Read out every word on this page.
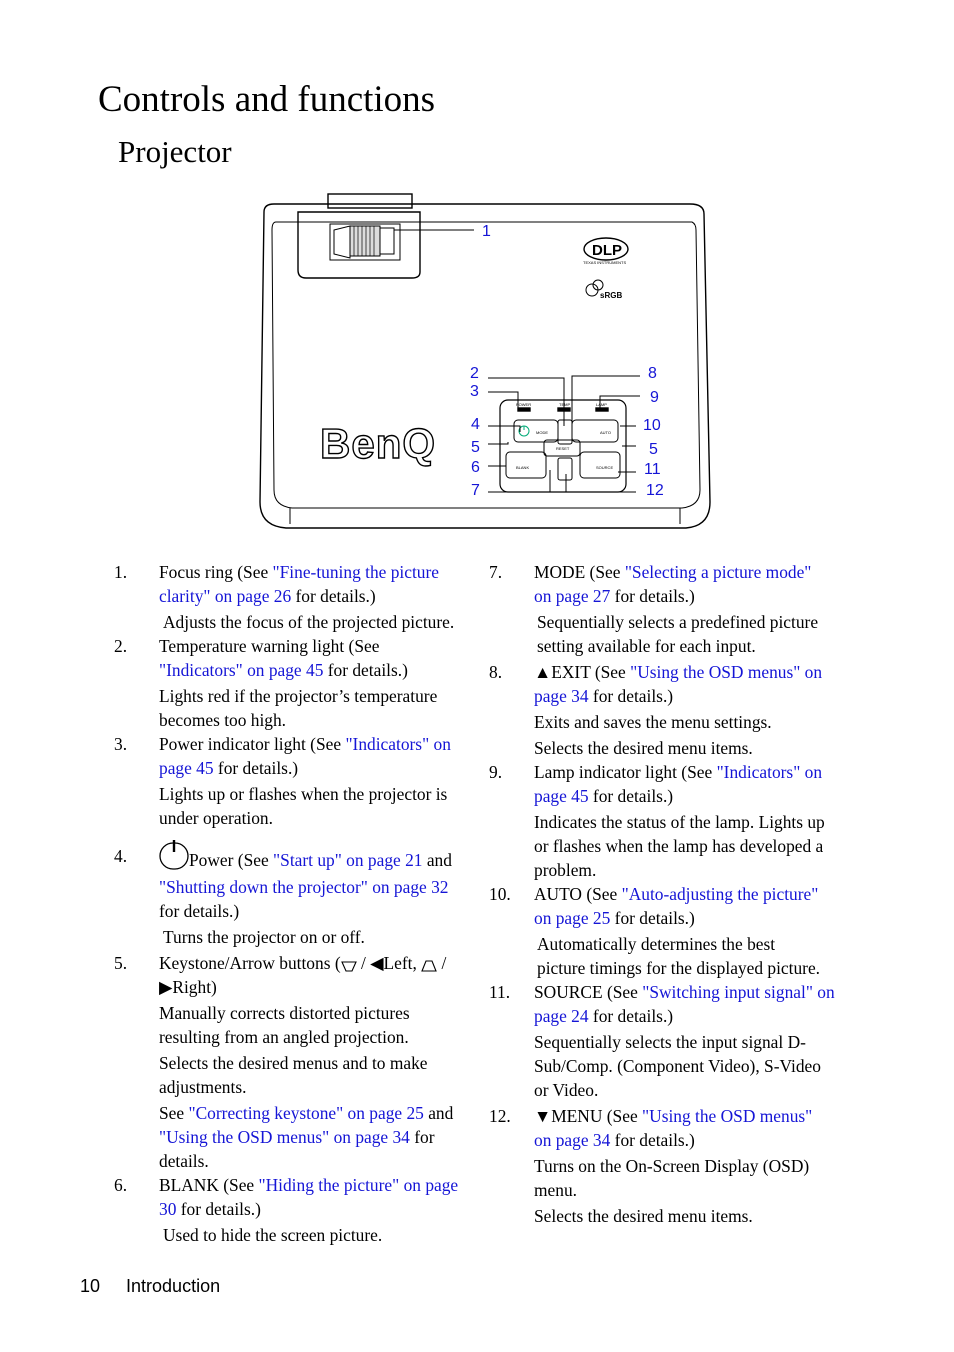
Controls and functions
Projector
BenQ
DLP
TEXAS INSTRUMENTS
sRGB
POWER	TEMP	LAMP
MODE	AUTO
RESET
BLANK	SOURCE
1
2
3
4
5
6
7
8
9
10
5
11
12
1. Focus ring (See "Fine-tuning the picture
clarity" on page 26 for details.)
Adjusts the focus of the projected picture.
2. Temperature warning light (See
"Indicators" on page 45 for details.)
Lights red if the projector’s temperature
becomes too high.
3. Power indicator light (See "Indicators" on
page 45 for details.)
Lights up or flashes when the projector is
under operation.
4.	Power (See "Start up" on page 21 and
"Shutting down the projector" on page 32
for details.)
Turns the projector on or off.
5. Keystone/Arrow buttons ( / ◀Left,  /
▶Right)
Manually corrects distorted pictures
resulting from an angled projection.
Selects the desired menus and to make
adjustments.
See "Correcting keystone" on page 25 and
"Using the OSD menus" on page 34 for
details.
6. BLANK (See "Hiding the picture" on page
30 for details.)
Used to hide the screen picture.
7. MODE (See "Selecting a picture mode"
on page 27 for details.)
Sequentially selects a predefined picture
setting available for each input.
8. ▲EXIT (See "Using the OSD menus" on
page 34 for details.)
Exits and saves the menu settings.
Selects the desired menu items.
9. Lamp indicator light (See "Indicators" on
page 45 for details.)
Indicates the status of the lamp. Lights up
or flashes when the lamp has developed a
problem.
10. AUTO (See "Auto-adjusting the picture"
on page 25 for details.)
Automatically determines the best
picture timings for the displayed picture.
11. SOURCE (See "Switching input signal" on
page 24 for details.)
Sequentially selects the input signal D-
Sub/Comp. (Component Video), S-Video
or Video.
12. ▼MENU (See "Using the OSD menus"
on page 34 for details.)
Turns on the On-Screen Display (OSD)
menu.
Selects the desired menu items.
10 Introduction
